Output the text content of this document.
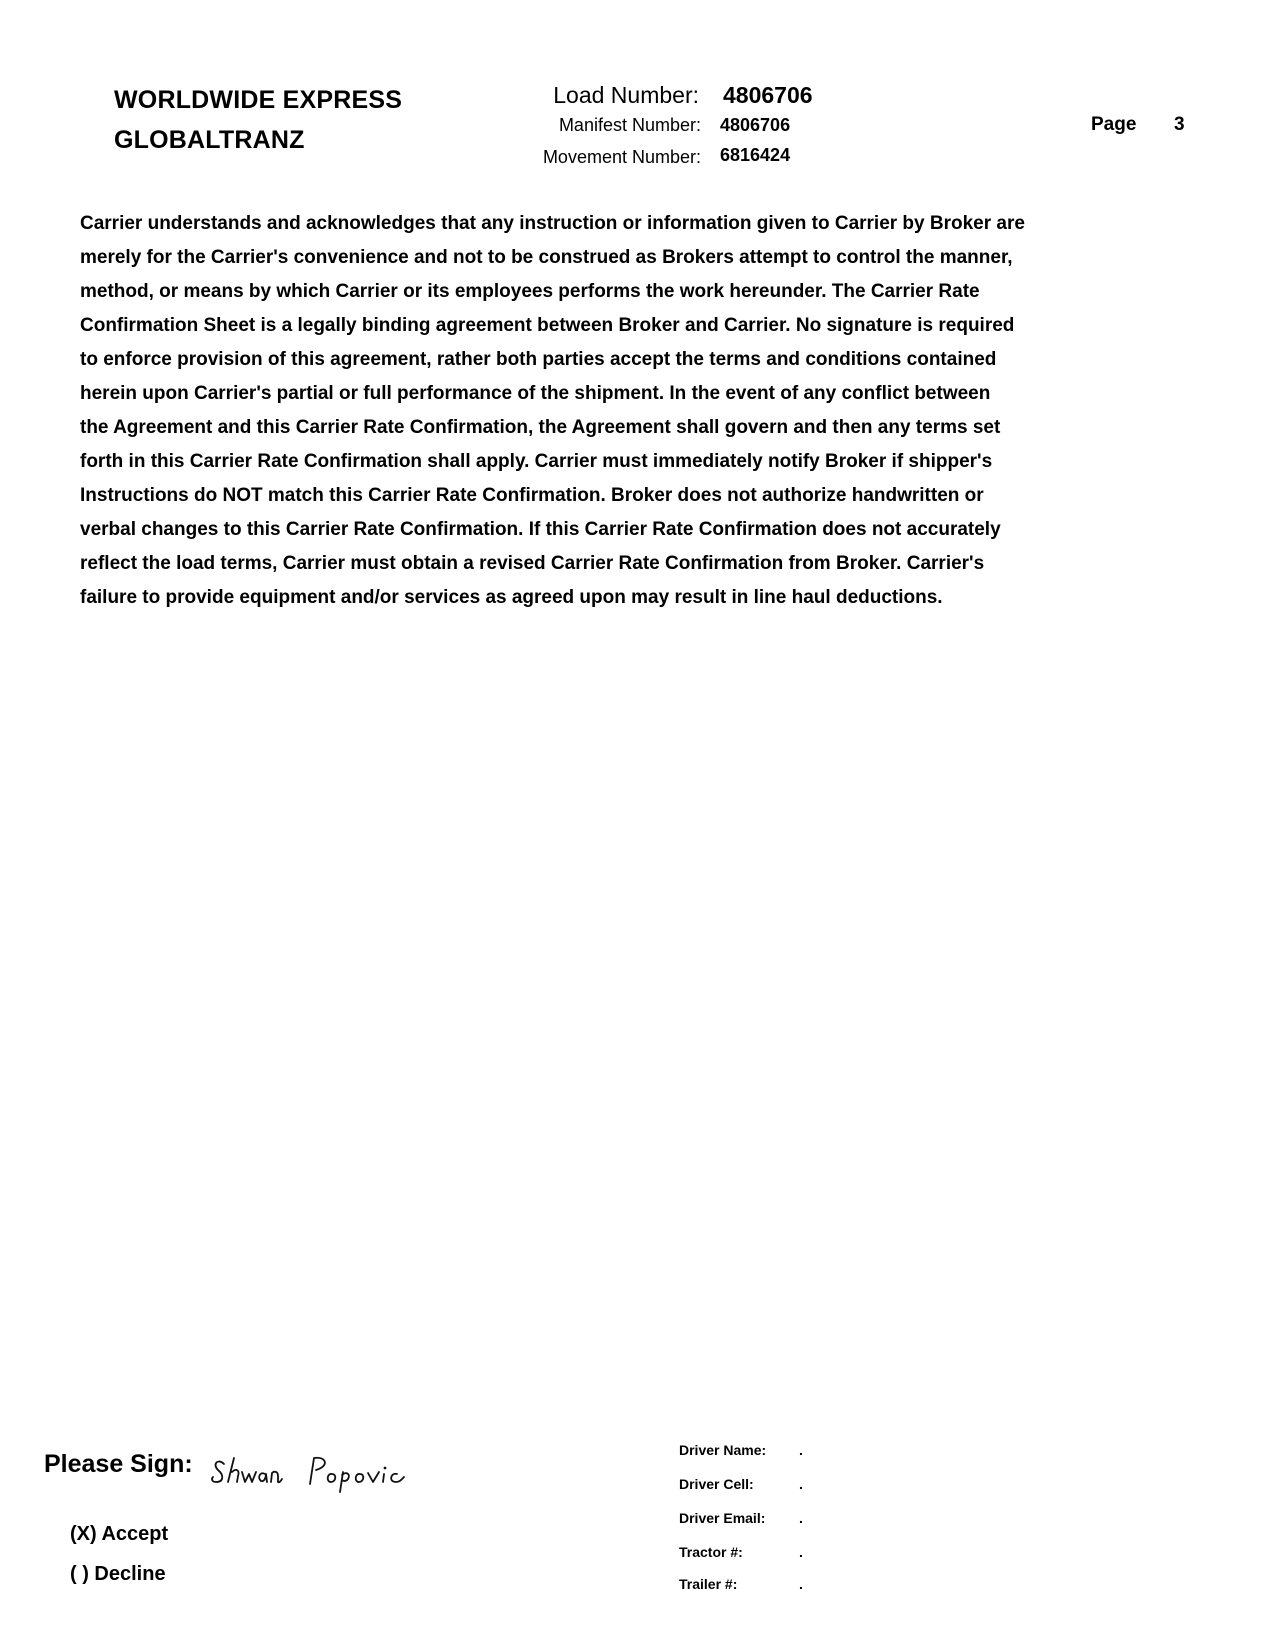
WORLDWIDE EXPRESS
GLOBALTRANZ
Load Number: 4806706
Manifest Number: 4806706
Movement Number: 6816424
Page 3
Carrier understands and acknowledges that any instruction or information given to Carrier by Broker are
merely for the Carrier's convenience and not to be construed as Brokers attempt to control the manner,
method, or means by which Carrier or its employees performs the work hereunder. The Carrier Rate
Confirmation Sheet is a legally binding agreement between Broker and Carrier. No signature is required
to enforce provision of this agreement, rather both parties accept the terms and conditions contained
herein upon Carrier's partial or full performance of the shipment. In the event of any conflict between
the Agreement and this Carrier Rate Confirmation, the Agreement shall govern and then any terms set
forth in this Carrier Rate Confirmation shall apply. Carrier must immediately notify Broker if shipper's
Instructions do NOT match this Carrier Rate Confirmation. Broker does not authorize handwritten or
verbal changes to this Carrier Rate Confirmation. If this Carrier Rate Confirmation does not accurately
reflect the load terms, Carrier must obtain a revised Carrier Rate Confirmation from Broker. Carrier's
failure to provide equipment and/or services as agreed upon may result in line haul deductions.
Please Sign:
(X) Accept
( ) Decline
Driver Name: .
Driver Cell:	.
Driver Email: .
Tractor #:	.
Trailer #:	.
